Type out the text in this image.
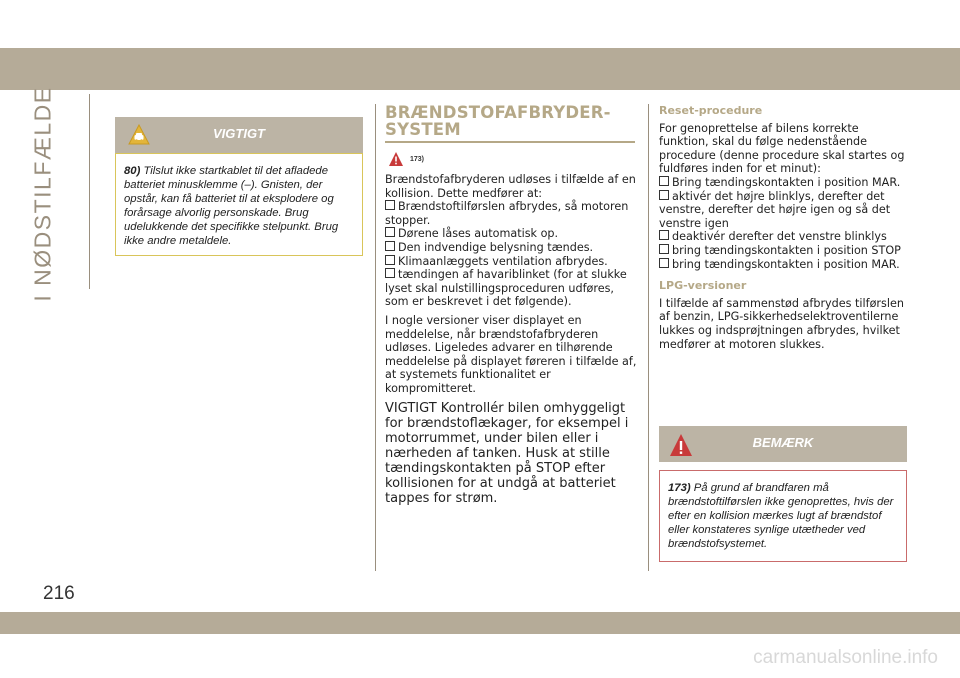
I NØDSTILFÆLDE
216
VIGTIGT
80) Tilslut ikke startkablet til det afladede batteriet minusklemme (–). Gnisten, der opstår, kan få batteriet til at eksplodere og forårsage alvorlig personskade. Brug udelukkende det specifikke stelpunkt. Brug ikke andre metaldele.
BRÆNDSTOFAFBRYDER-
SYSTEM
173)

Brændstofafbryderen udløses i tilfælde af en kollision. Dette medfører at:

Brændstoftilførslen afbrydes, så motoren stopper.

Dørene låses automatisk op.

Den indvendige belysning tændes.

Klimaanlæggets ventilation afbrydes.

tændingen af havariblinket (for at slukke lyset skal nulstillingsproceduren udføres, som er beskrevet i det følgende).

I nogle versioner viser displayet en meddelelse, når brændstofafbryderen udløses. Ligeledes advarer en tilhørende meddelelse på displayet føreren i tilfælde af, at systemets funktionalitet er kompromitteret.

VIGTIGT Kontrollér bilen omhyggeligt for brændstoflækager, for eksempel i motorrummet, under bilen eller i nærheden af tanken. Husk at stille tændingskontakten på STOP efter kollisionen for at undgå at batteriet tappes for strøm.

Reset-procedure

For genoprettelse af bilens korrekte funktion, skal du følge nedenstående procedure (denne procedure skal startes og fuldføres inden for et minut):

Bring tændingskontakten i position MAR.

aktivér det højre blinklys, derefter det venstre, derefter det højre igen og så det venstre igen

deaktivér derefter det venstre blinklys

bring tændingskontakten i position STOP

bring tændingskontakten i position MAR.

LPG-versioner

I tilfælde af sammenstød afbrydes tilførslen af benzin, LPG-sikkerhedselektroventilerne lukkes og indsprøjtningen afbrydes, hvilket medfører at motoren slukkes.

BEMÆRK
173) På grund af brandfaren må brændstoftilførslen ikke genoprettes, hvis der efter en kollision mærkes lugt af brændstof eller konstateres synlige utætheder ved brændstofsystemet.
carmanualsonline.info
